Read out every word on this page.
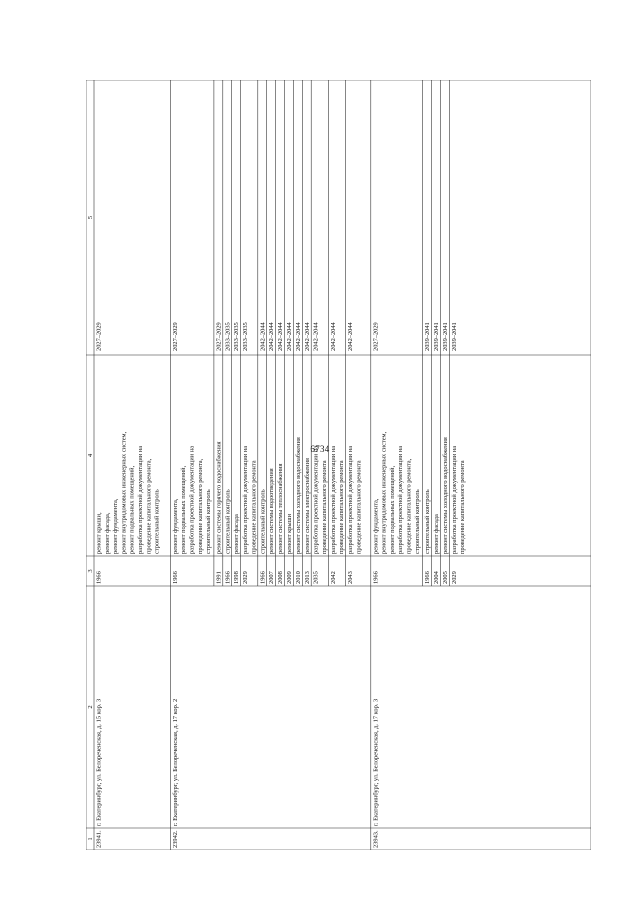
6734
1
2
3
4
5
23941.
г. Екатеринбург, ул. Белореченская, д. 15 кор. 3
1966
2027–2029
ремонт крыши, ремонт фасада, ремонт фундамента, ремонт внутридомовых инженерных систем, ремонт подвальных помещений, разработка проектной документации на проведение капитального ремонта, строительный контроль
23942.
г. Екатеринбург, ул. Белореченская, д. 17 кор. 2
1966
2027–2029
ремонт фундамента, ремонт подвальных помещений, разработка проектной документации на проведение капитального ремонта, строительный контроль
1991
ремонт системы горячего водоснабжения
2027–2029
1966
строительный контроль
2033–2035
1998
ремонт фасада
2033–2035
2029
разработка проектной документации на проведение капитального ремонта
2033–2035
1966
строительный контроль
2042–2044
2007
ремонт системы водоотведения
2042–2044
2008
ремонт системы теплоснабжения
2042–2044
2009
ремонт крыши
2042–2044
2010
ремонт системы холодного водоснабжения
2042–2044
2013
ремонт системы электроснабжения
2042–2044
2035
разработка проектной документации на проведение капитального ремонта
2042–2044
2042
разработка проектной документации на проведение капитального ремонта
2042–2044
2043
разработка проектной документации на проведение капитального ремонта
2042–2044
23943.
г. Екатеринбург, ул. Белореченская, д. 17 кор. 3
1966
2027–2029
ремонт фундамента, ремонт внутридомовых инженерных систем, ремонт подвальных помещений, разработка проектной документации на проведение капитального ремонта, строительный контроль
1966
строительный контроль
2039–2041
2004
ремонт фасада
2039–2041
2005
ремонт системы холодного водоснабжения
2039–2041
2029
разработка проектной документации на проведение капитального ремонта
2039–2041
